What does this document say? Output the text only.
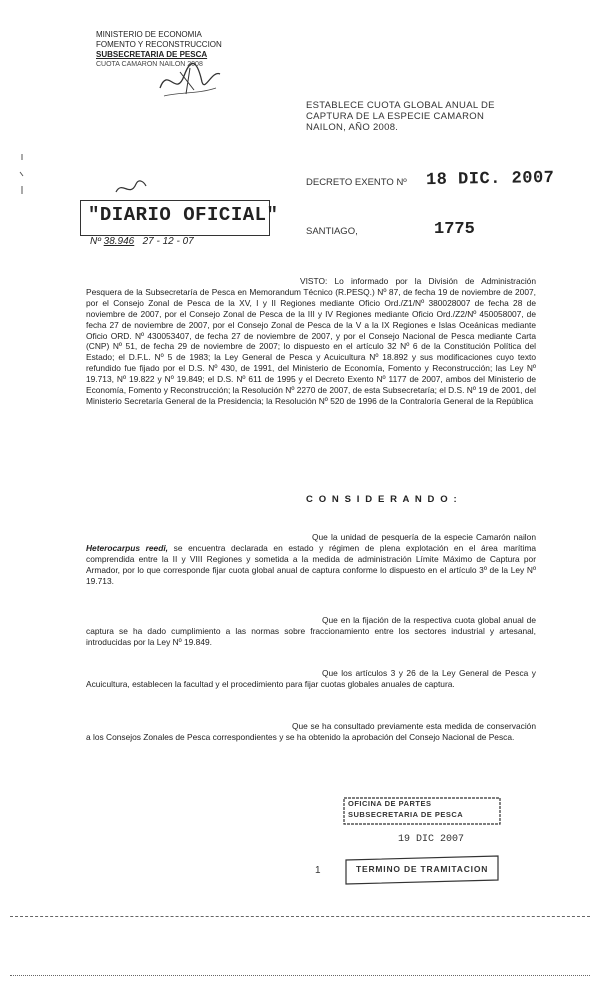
MINISTERIO DE ECONOMIA
FOMENTO Y RECONSTRUCCION
SUBSECRETARIA DE PESCA
CUOTA CAMARON NAILON 2008
ESTABLECE CUOTA GLOBAL ANUAL DE
CAPTURA DE LA ESPECIE CAMARON
NAILON, AÑO 2008.
DECRETO EXENTO Nº 18 DIC. 2007
"DIARIO OFICIAL"
Nº 38.946 27 - 12 - 07
SANTIAGO,	1775
VISTO: Lo informado por la División de Administración Pesquera de la Subsecretaría de Pesca en Memorandum Técnico (R.PESQ.) Nº 87, de fecha 19 de noviembre de 2007, por el Consejo Zonal de Pesca de la XV, I y II Regiones mediante Oficio Ord./Z1/Nº 380028007 de fecha 28 de noviembre de 2007, por el Consejo Zonal de Pesca de la III y IV Regiones mediante Oficio Ord./Z2/Nº 450058007, de fecha 27 de noviembre de 2007, por el Consejo Zonal de Pesca de la V a la IX Regiones e Islas Oceánicas mediante Oficio ORD. Nº 430053407, de fecha 27 de noviembre de 2007, y por el Consejo Nacional de Pesca mediante Carta (CNP) Nº 51, de fecha 29 de noviembre de 2007; lo dispuesto en el artículo 32 Nº 6 de la Constitución Política del Estado; el D.F.L. Nº 5 de 1983; la Ley General de Pesca y Acuicultura Nº 18.892 y sus modificaciones cuyo texto refundido fue fijado por el D.S. Nº 430, de 1991, del Ministerio de Economía, Fomento y Reconstrucción; las Ley Nº 19.713, Nº 19.822 y Nº 19.849; el D.S. Nº 611 de 1995 y el Decreto Exento Nº 1177 de 2007, ambos del Ministerio de Economía, Fomento y Reconstrucción; la Resolución Nº 2270 de 2007, de esta Subsecretaría; el D.S. Nº 19 de 2001, del Ministerio Secretaría General de la Presidencia; la Resolución Nº 520 de 1996 de la Contraloría General de la República
C O N S I D E R A N D O :
Que la unidad de pesquería de la especie Camarón nailon Heterocarpus reedi, se encuentra declarada en estado y régimen de plena explotación en el área marítima comprendida entre la II y VIII Regiones y sometida a la medida de administración Límite Máximo de Captura por Armador, por lo que corresponde fijar cuota global anual de captura conforme lo dispuesto en el artículo 3º de la Ley Nº 19.713.
Que en la fijación de la respectiva cuota global anual de captura se ha dado cumplimiento a las normas sobre fraccionamiento entre los sectores industrial y artesanal, introducidas por la Ley Nº 19.849.
Que los artículos 3 y 26 de la Ley General de Pesca y Acuicultura, establecen la facultad y el procedimiento para fijar cuotas globales anuales de captura.
Que se ha consultado previamente esta medida de conservación a los Consejos Zonales de Pesca correspondientes y se ha obtenido la aprobación del Consejo Nacional de Pesca.
OFICINA DE PARTES
SUBSECRETARIA DE PESCA
19 DIC 2007
TERMINO DE TRAMITACION
1
